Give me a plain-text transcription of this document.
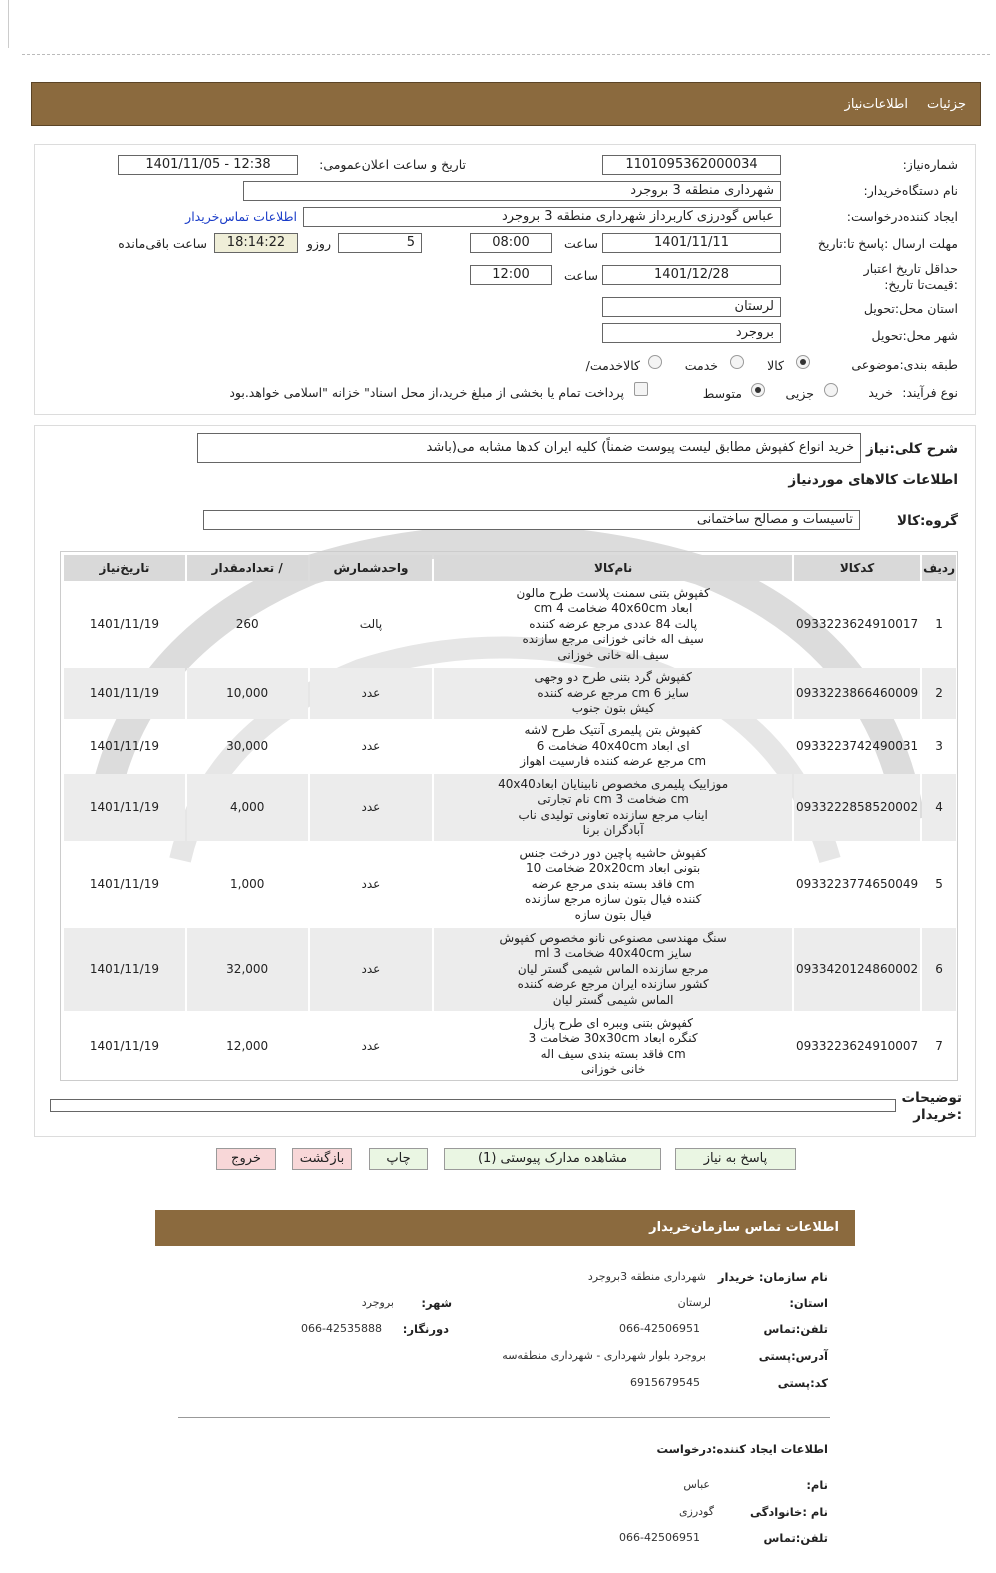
جزئیات
اطلاعات‌نیاز
شماره‌نیاز:
1101095362000034
تاریخ و ساعت اعلان‌عمومی:
1401/11/05 - 12:38
نام دستگاه‌خریدار:
شهرداری منطقه 3 بروجرد
ایجاد کننده‌درخواست:
عباس گودرزی کاربرداز شهرداری منطقه 3 بروجرد
اطلاعات تماس‌خریدار
مهلت ارسال :پاسخ تا:تاریخ
1401/11/11
ساعت
08:00
5
روزو
18:14:22
ساعت باقی‌مانده
حداقل تاریخ اعتبار :قیمت‌تا تاریخ:
1401/12/28
ساعت
12:00
استان محل:تحویل
لرستان
شهر محل:تحویل
بروجرد
طبقه بندی:موضوعی
کالا
خدمت
کالاخدمت/
نوع فرآیند:
خرید
جزیی
متوسط
پرداخت تمام یا بخشی از مبلغ خرید،از محل اسناد" خزانه "اسلامی خواهد.بود
شرح کلی:نیاز
خرید انواع کفپوش مطابق لیست پیوست ضمناً) کلیه ایران کدها مشابه می(باشد
اطلاعات کالاهای موردنیاز
گروه:کالا
تاسیسات و مصالح ساختمانی
ردیف	کدکالا	نام‌کالا	واحدشمارش	/ تعدادمقدار	تاریخ‌نیاز
1	0933223624910017	کفپوش بتنی سمنت پلاست طرح مالون
ابعاد 40x60cm ضخامت 4 cm
پالت 84 عددی مرجع عرضه کننده
سیف اله خانی خوزانی مرجع سازنده
سیف اله خانی خوزانی	پالت	260	1401/11/19
2	0933223866460009	کفپوش گرد بتنی طرح دو وجهی
سایز 6 cm مرجع عرضه کننده
کیش بتون جنوب	عدد	10,000	1401/11/19
3	0933223742490031	کفپوش بتن پلیمری آنتیک طرح لاشه
ای ابعاد 40x40cm ضخامت 6
cm مرجع عرضه کننده فارسیت اهواز	عدد	30,000	1401/11/19
4	0933222858520002	موزاییک پلیمری مخصوص نابینایان ابعاد40x40
cm ضخامت 3 cm نام تجارتی
ایناب مرجع سازنده تعاونی تولیدی ناب
آبادگران برنا	عدد	4,000	1401/11/19
5	0933223774650049	کفپوش حاشیه پاچین دور درخت جنس
بتونی ابعاد 20x20cm ضخامت 10
cm فاقد بسته بندی مرجع عرضه
کننده فیال بتون سازه مرجع سازنده
فیال بتون سازه	عدد	1,000	1401/11/19
6	0933420124860002	سنگ مهندسی مصنوعی نانو مخصوص کفپوش
سایز 40x40cm ضخامت 3 ml
مرجع سازنده الماس شیمی گستر لیان
کشور سازنده ایران مرجع عرضه کننده
الماس شیمی گستر لیان	عدد	32,000	1401/11/19
7	0933223624910007	کفپوش بتنی ویبره ای طرح پازل
کنگره ابعاد 30x30cm ضخامت 3
cm فاقد بسته بندی سیف اله
خانی خوزانی	عدد	12,000	1401/11/19
توضیحات :خریدار
پاسخ به نیاز
مشاهده مدارک پیوستی (1)
چاپ
بازگشت
خروج
اطلاعات تماس سازمان‌خریدار
نام سازمان: خریدار
شهرداری منطقه 3بروجرد
استان:
لرستان
شهر:
بروجرد
تلفن:تماس
066-42506951
دورنگار:
066-42535888
آدرس:پستی
بروجرد بلوار شهرداری - شهرداری منطقه‌سه
کد:پستی
6915679545
اطلاعات ایجاد کننده:درخواست
نام:
عباس
نام :خانوادگی
گودرزی
تلفن:تماس
066-42506951
